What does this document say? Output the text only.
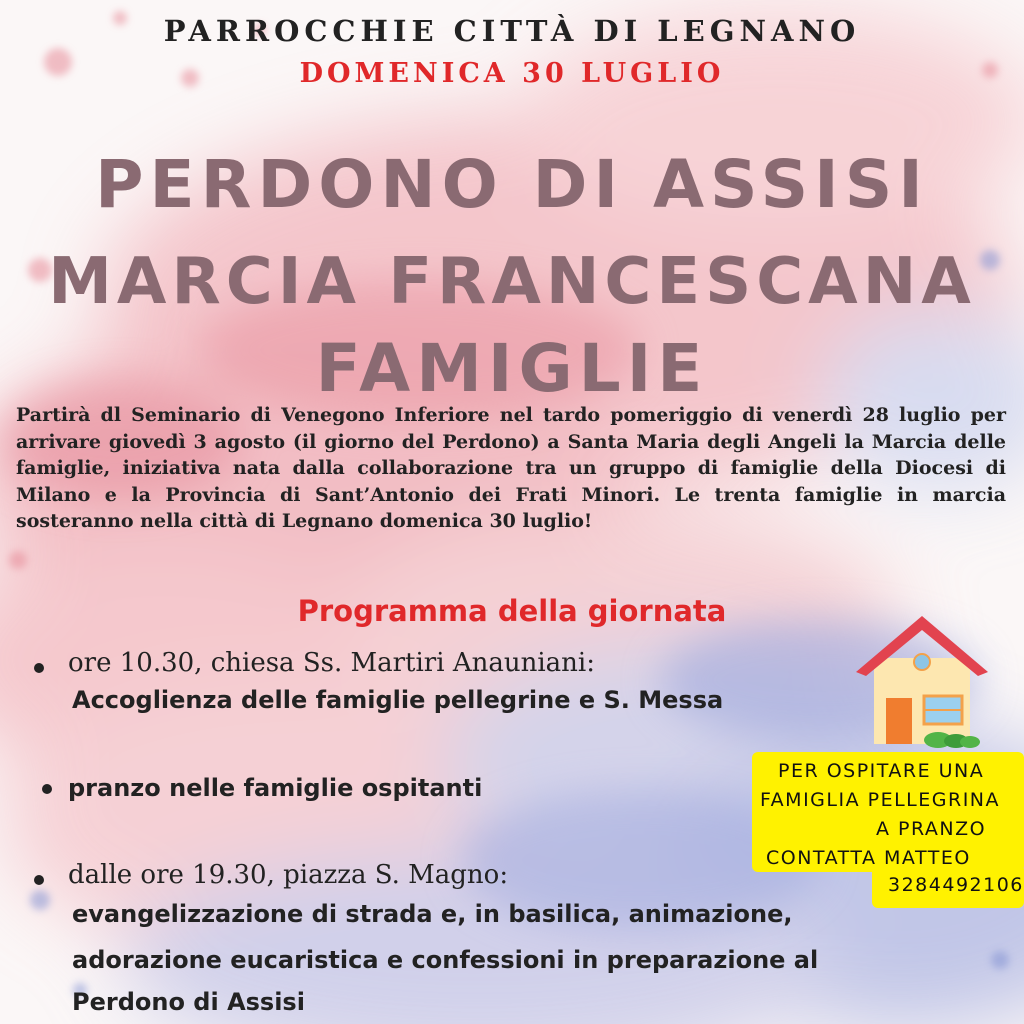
PARROCCHIE CITTÀ DI LEGNANO
DOMENICA 30 LUGLIO
PERDONO DI ASSISI
MARCIA FRANCESCANA
FAMIGLIE
Partirà dl Seminario di Venegono Inferiore nel tardo pomeriggio di venerdì 28 luglio per arrivare giovedì 3 agosto (il giorno del Perdono) a Santa Maria degli Angeli la Marcia delle famiglie, iniziativa nata dalla collaborazione tra un gruppo di famiglie della Diocesi di Milano e la Provincia di Sant’Antonio dei Frati Minori. Le trenta famiglie in marcia sosteranno nella città di Legnano domenica 30 luglio!
Programma della giornata
ore 10.30, chiesa Ss. Martiri Anauniani:
Accoglienza delle famiglie pellegrine e S. Messa
pranzo nelle famiglie ospitanti
dalle ore 19.30, piazza S. Magno:
evangelizzazione di strada e, in basilica, animazione,
adorazione eucaristica e confessioni in preparazione al
Perdono di Assisi
PER OSPITARE UNA
FAMIGLIA PELLEGRINA
A PRANZO
CONTATTA MATTEO
3284492106
